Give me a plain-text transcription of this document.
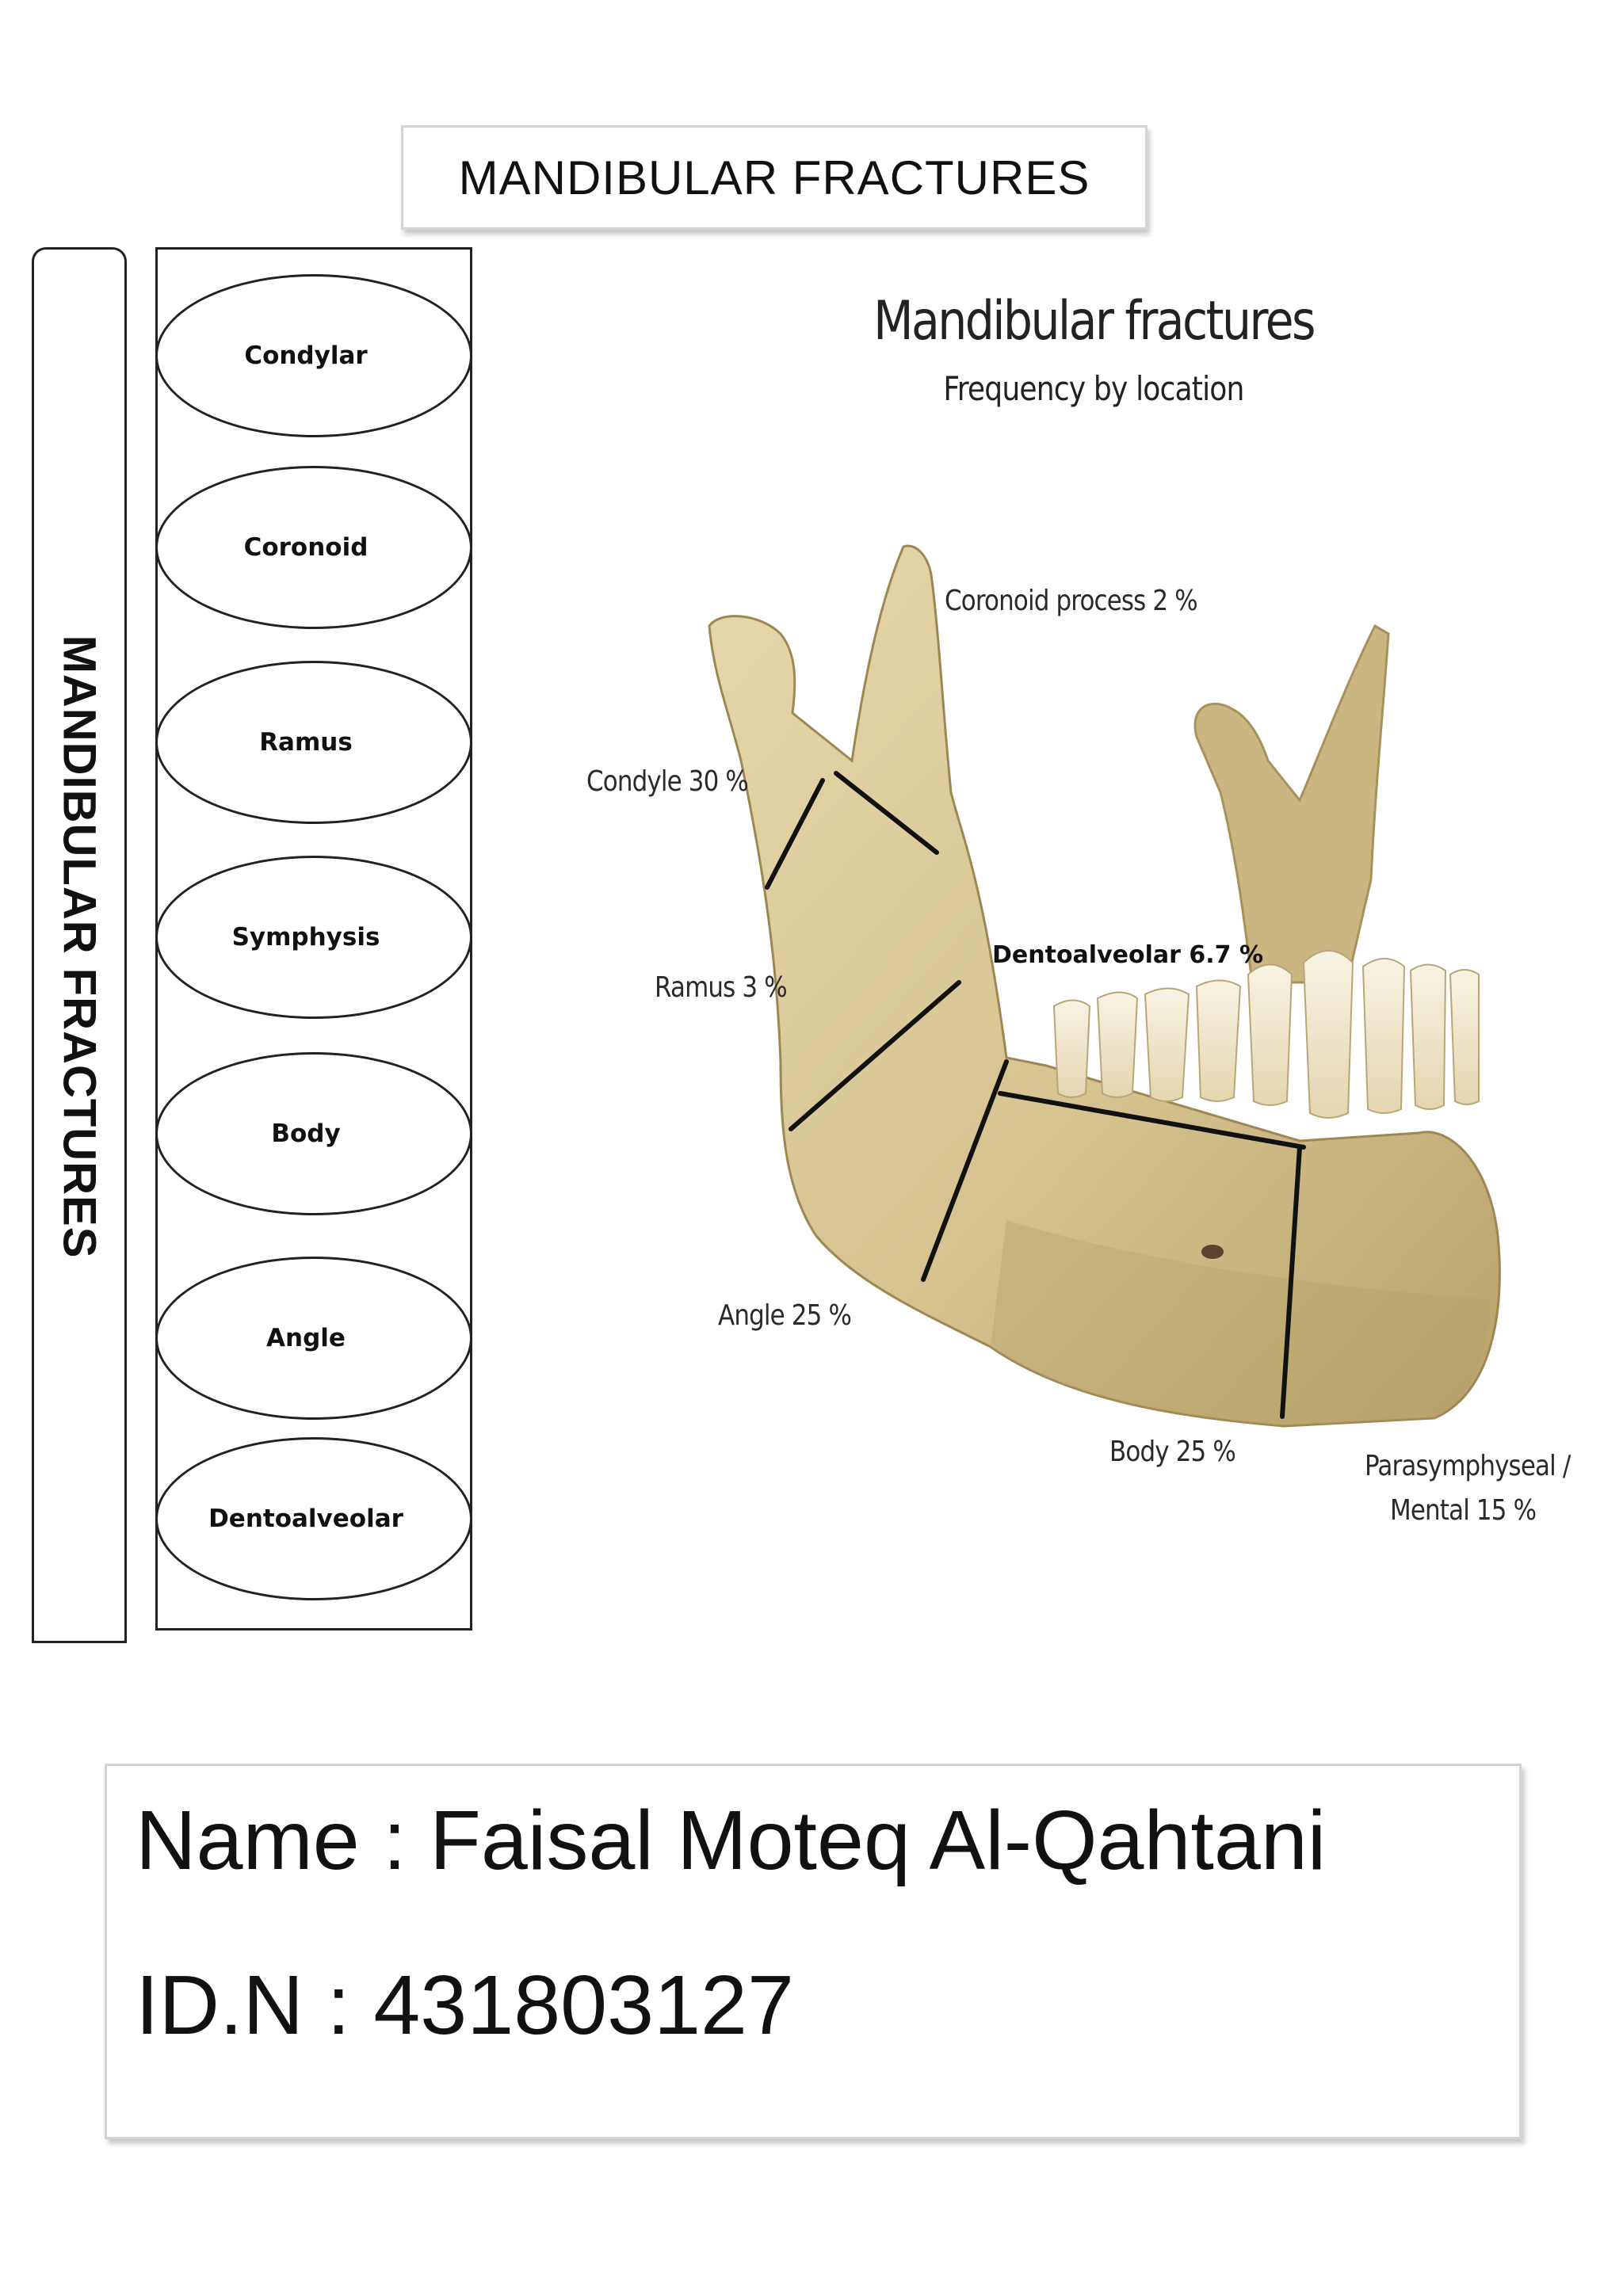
MANDIBULAR FRACTURES
MANDIBULAR FRACTURES
Condylar
Coronoid
Ramus
Symphysis
Body
Angle
Dentoalveolar
Mandibular fractures
Frequency by location
Coronoid process 2 %
Condyle 30 %
Ramus 3 %
Dentoalveolar 6.7 %
Angle 25 %
Body 25 %	Parasymphyseal /
Mental 15 %
Name : Faisal Moteq Al-Qahtani
ID.N : 431803127
